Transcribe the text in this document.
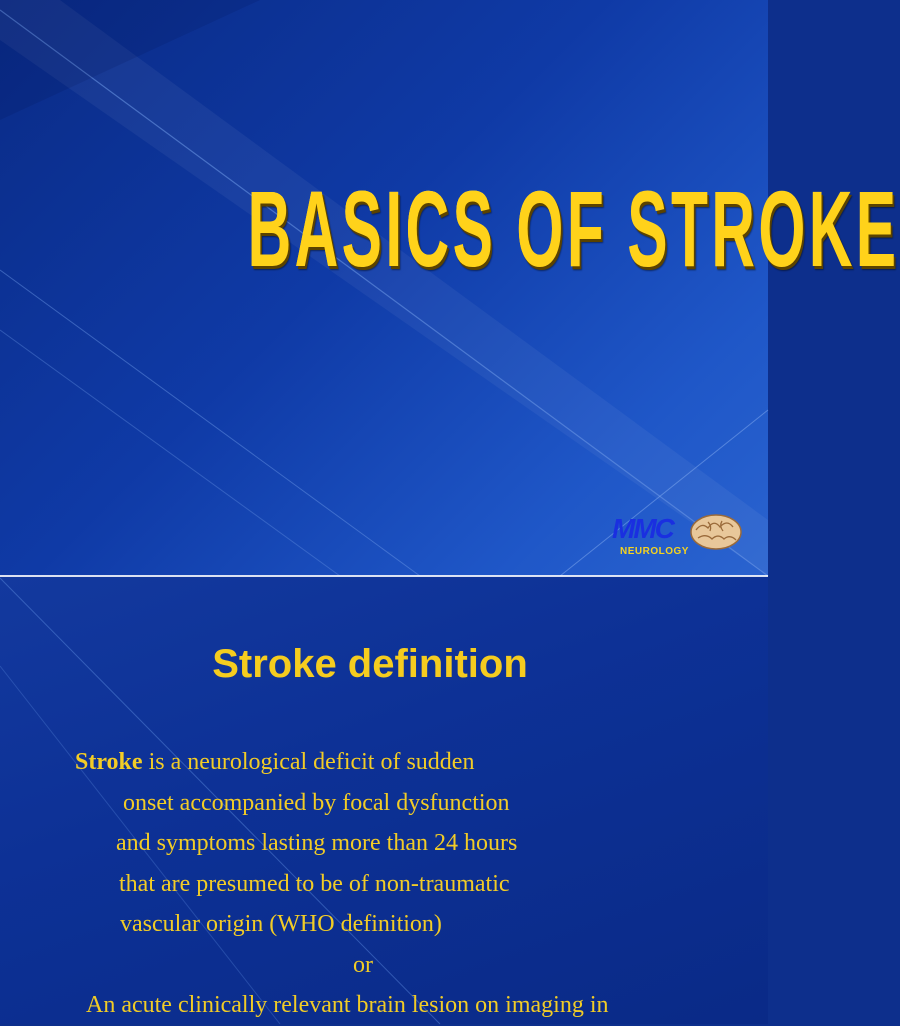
BASICS OF STROKE
MMC
NEUROLOGY
Stroke definition
Stroke is a neurological deficit of sudden
onset accompanied by focal dysfunction
and symptoms lasting more than 24 hours
that are presumed to be of non-traumatic
vascular origin (WHO definition)
or
An acute clinically relevant brain lesion on imaging in
